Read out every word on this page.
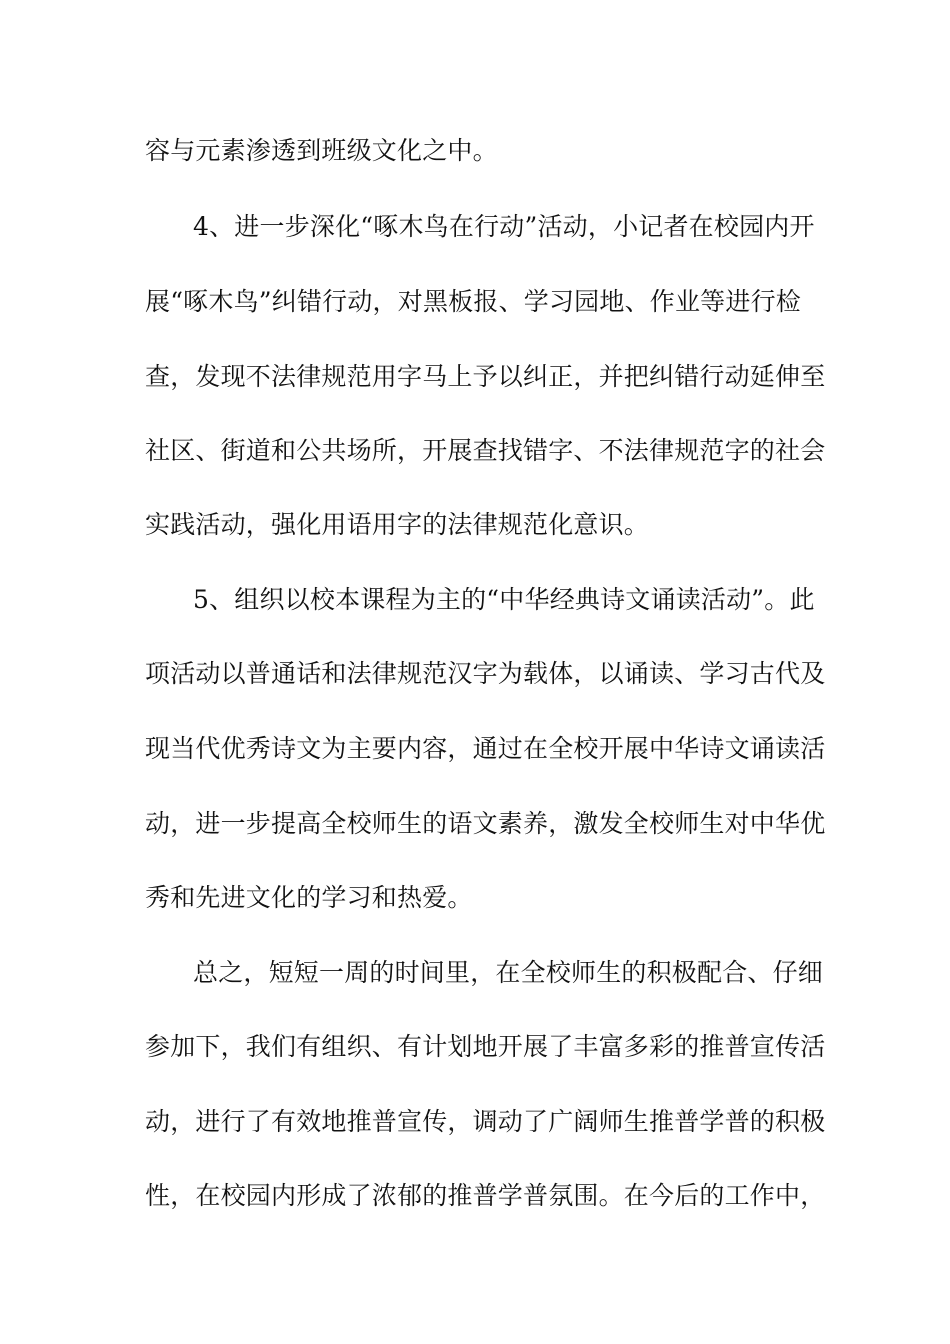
容与元素渗透到班级文化之中。
4、进一步深化“啄木鸟在行动”活动，小记者在校园内开
展“啄木鸟”纠错行动，对黑板报、学习园地、作业等进行检
查，发现不法律规范用字马上予以纠正，并把纠错行动延伸至
社区、街道和公共场所，开展查找错字、不法律规范字的社会
实践活动，强化用语用字的法律规范化意识。
5、组织以校本课程为主的“中华经典诗文诵读活动”。此
项活动以普通话和法律规范汉字为载体，以诵读、学习古代及
现当代优秀诗文为主要内容，通过在全校开展中华诗文诵读活
动，进一步提高全校师生的语文素养，激发全校师生对中华优
秀和先进文化的学习和热爱。
总之，短短一周的时间里，在全校师生的积极配合、仔细
参加下，我们有组织、有计划地开展了丰富多彩的推普宣传活
动，进行了有效地推普宣传，调动了广阔师生推普学普的积极
性，在校园内形成了浓郁的推普学普氛围。在今后的工作中，
